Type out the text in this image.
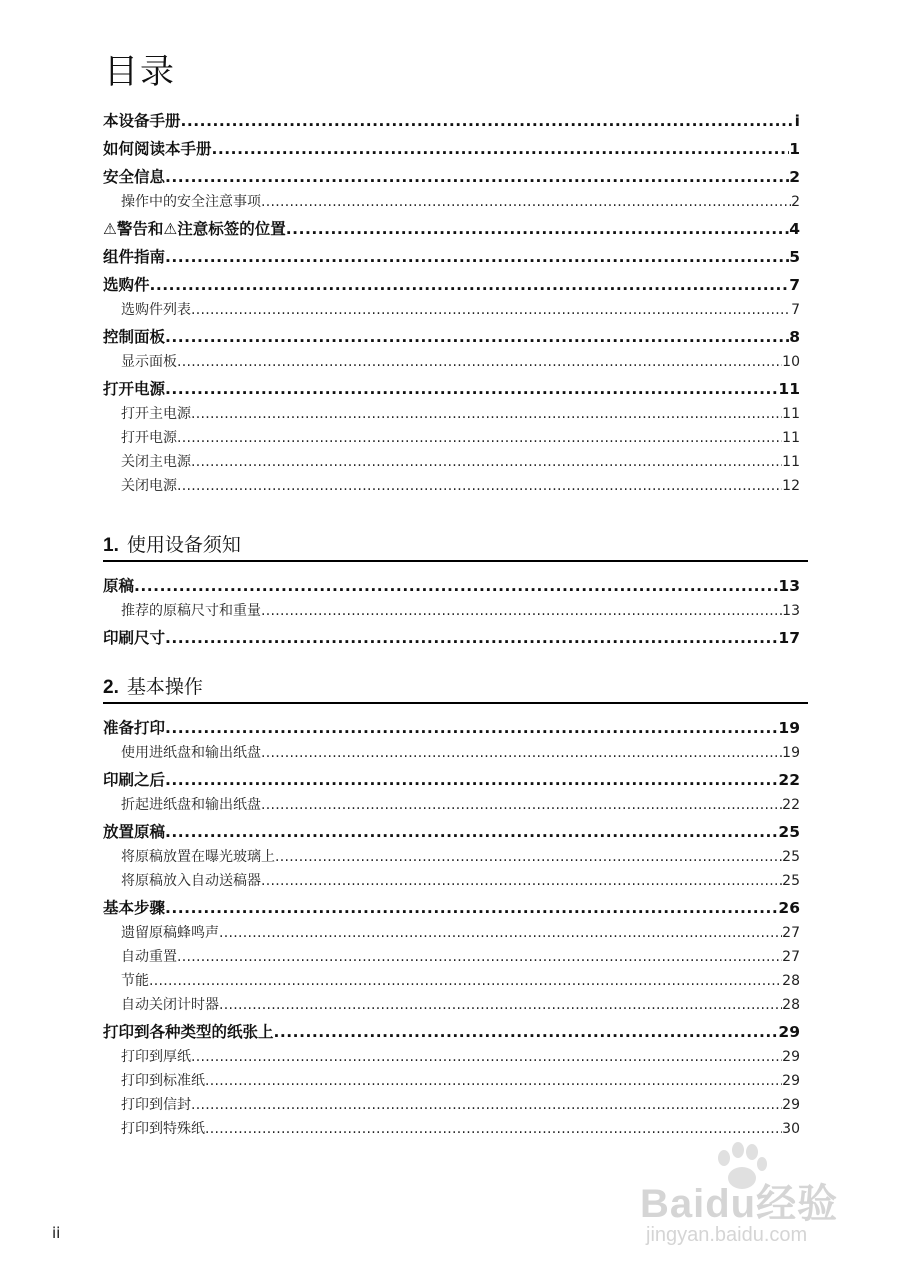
目录
本设备手册 .....	i
如何阅读本手册 .....	1
安全信息 .....	2
操作中的安全注意事项 .....	2
⚠警告和⚠注意标签的位置 .....	4
组件指南 .....	5
选购件 .....	7
选购件列表 .....	7
控制面板 .....	8
显示面板 .....	10
打开电源 .....	11
打开主电源 .....	11
打开电源 .....	11
关闭主电源 .....	11
关闭电源 .....	12
1. 使用设备须知
原稿 .....	13
推荐的原稿尺寸和重量 .....	13
印刷尺寸 .....	17
2. 基本操作
准备打印 .....	19
使用进纸盘和输出纸盘 .....	19
印刷之后 .....	22
折起进纸盘和输出纸盘 .....	22
放置原稿 .....	25
将原稿放置在曝光玻璃上 .....	25
将原稿放入自动送稿器 .....	25
基本步骤 .....	26
遗留原稿蜂鸣声 .....	27
自动重置 .....	27
节能 .....	28
自动关闭计时器 .....	28
打印到各种类型的纸张上 .....	29
打印到厚纸 .....	29
打印到标准纸 .....	29
打印到信封 .....	29
打印到特殊纸 .....	30
ii
Baidu经验
jingyan.baidu.com
